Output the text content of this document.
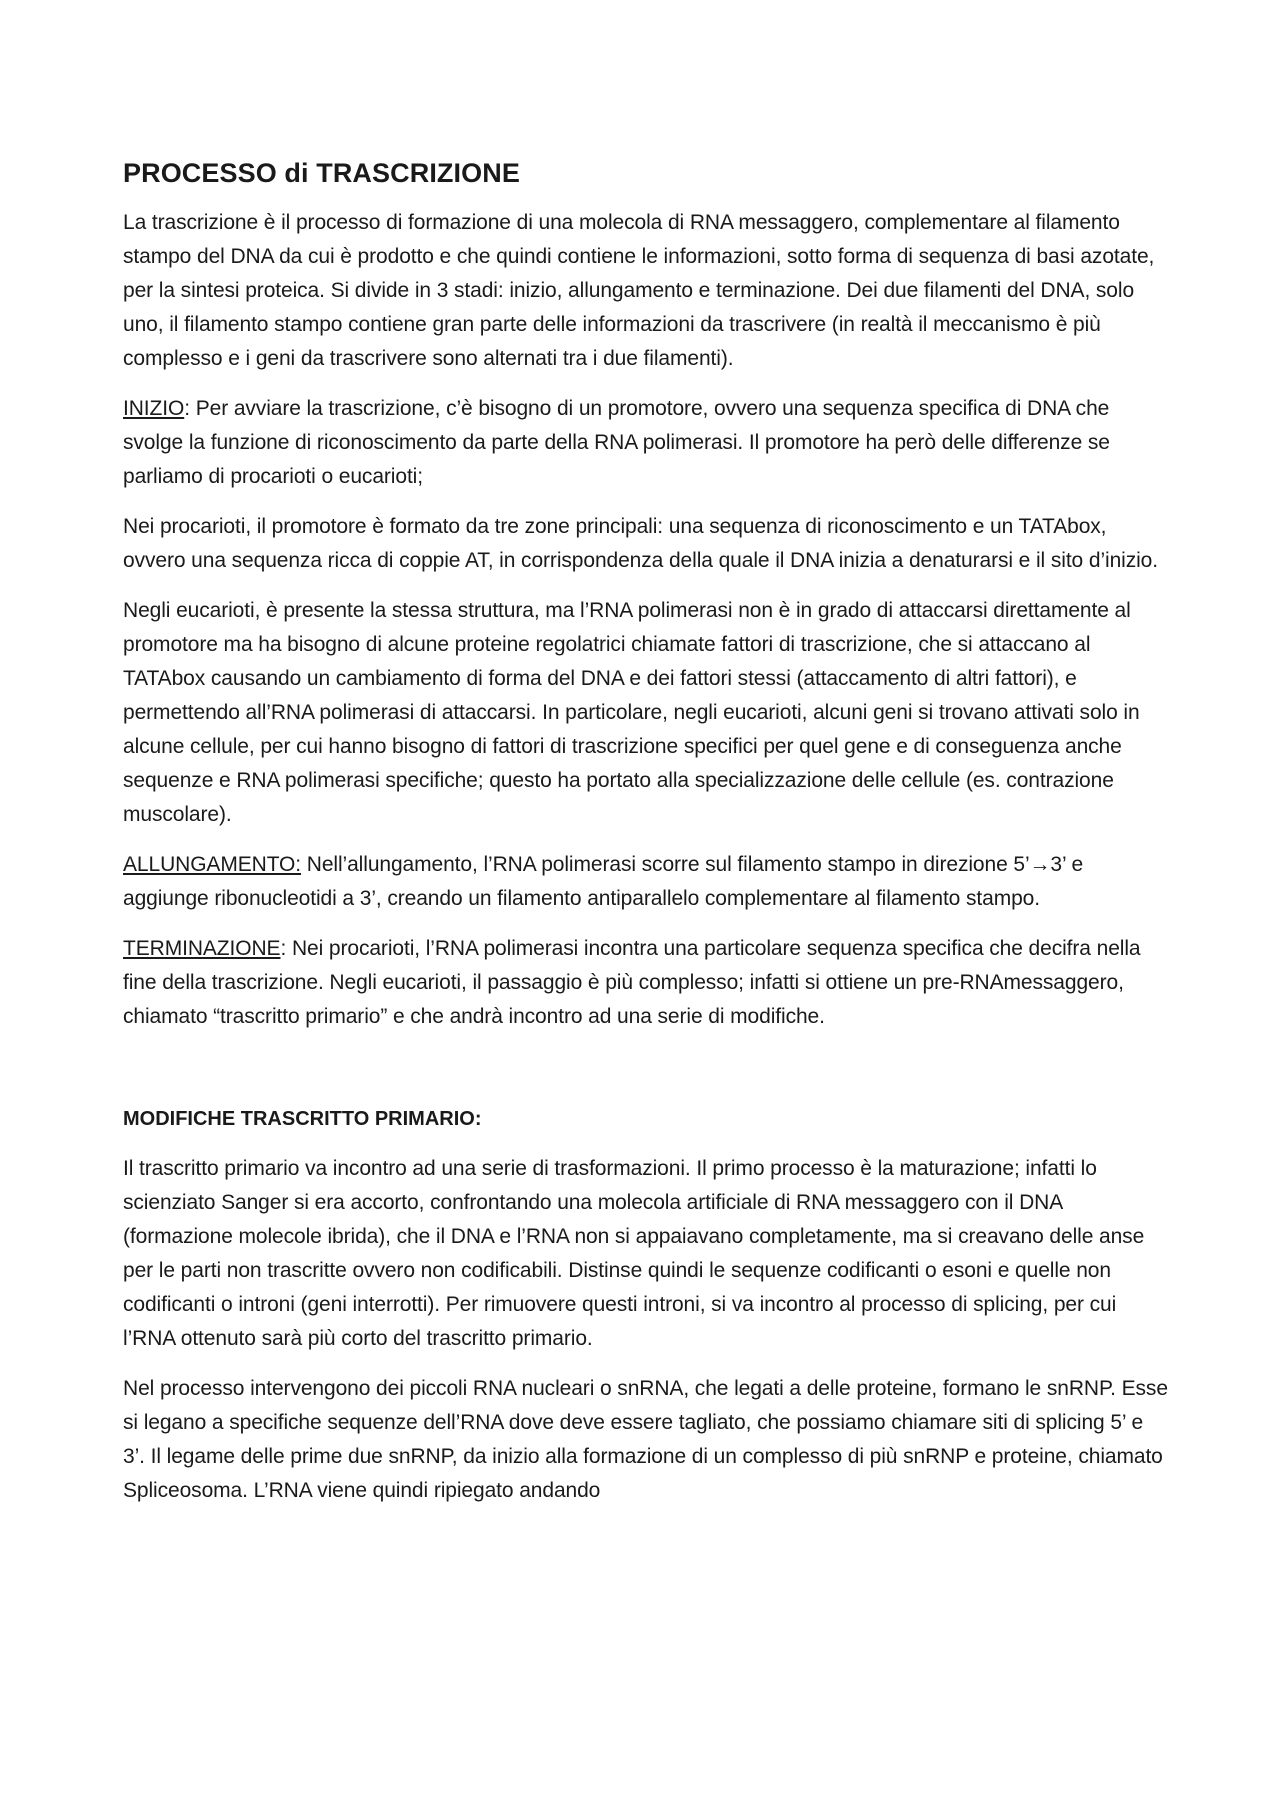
PROCESSO di TRASCRIZIONE

La trascrizione è il processo di formazione di una molecola di RNA messaggero, complementare al filamento stampo del DNA da cui è prodotto e che quindi contiene le informazioni, sotto forma di sequenza di basi azotate, per la sintesi proteica. Si divide in 3 stadi: inizio, allungamento e terminazione. Dei due filamenti del DNA, solo uno, il filamento stampo contiene gran parte delle informazioni da trascrivere (in realtà il meccanismo è più complesso e i geni da trascrivere sono alternati tra i due filamenti).

INIZIO: Per avviare la trascrizione, c’è bisogno di un promotore, ovvero una sequenza specifica di DNA che svolge la funzione di riconoscimento da parte della RNA polimerasi. Il promotore ha però delle differenze se parliamo di procarioti o eucarioti;

Nei procarioti, il promotore è formato da tre zone principali: una sequenza di riconoscimento e un TATAbox, ovvero una sequenza ricca di coppie AT, in corrispondenza della quale il DNA inizia a denaturarsi e il sito d’inizio.

Negli eucarioti, è presente la stessa struttura, ma l’RNA polimerasi non è in grado di attaccarsi direttamente al promotore ma ha bisogno di alcune proteine regolatrici chiamate fattori di trascrizione, che si attaccano al TATAbox causando un cambiamento di forma del DNA e dei fattori stessi (attaccamento di altri fattori), e permettendo all’RNA polimerasi di attaccarsi. In particolare, negli eucarioti, alcuni geni si trovano attivati solo in alcune cellule, per cui hanno bisogno di fattori di trascrizione specifici per quel gene e di conseguenza anche sequenze e RNA polimerasi specifiche; questo ha portato alla specializzazione delle cellule (es. contrazione muscolare).

ALLUNGAMENTO: Nell’allungamento, l’RNA polimerasi scorre sul filamento stampo in direzione 5’→3’ e aggiunge ribonucleotidi a 3’, creando un filamento antiparallelo complementare al filamento stampo.

TERMINAZIONE: Nei procarioti, l’RNA polimerasi incontra una particolare sequenza specifica che decifra nella fine della trascrizione. Negli eucarioti, il passaggio è più complesso; infatti si ottiene un pre-RNAmessaggero, chiamato “trascritto primario” e che andrà incontro ad una serie di modifiche.

MODIFICHE TRASCRITTO PRIMARIO:

Il trascritto primario va incontro ad una serie di trasformazioni. Il primo processo è la maturazione; infatti lo scienziato Sanger si era accorto, confrontando una molecola artificiale di RNA messaggero con il DNA (formazione molecole ibrida), che il DNA e l’RNA non si appaiavano completamente, ma si creavano delle anse per le parti non trascritte ovvero non codificabili. Distinse quindi le sequenze codificanti o esoni e quelle non codificanti o introni (geni interrotti). Per rimuovere questi introni, si va incontro al processo di splicing, per cui l’RNA ottenuto sarà più corto del trascritto primario.

Nel processo intervengono dei piccoli RNA nucleari o snRNA, che legati a delle proteine, formano le snRNP. Esse si legano a specifiche sequenze dell’RNA dove deve essere tagliato, che possiamo chiamare siti di splicing 5’ e 3’. Il legame delle prime due snRNP, da inizio alla formazione di un complesso di più snRNP e proteine, chiamato Spliceosoma. L’RNA viene quindi ripiegato andando
